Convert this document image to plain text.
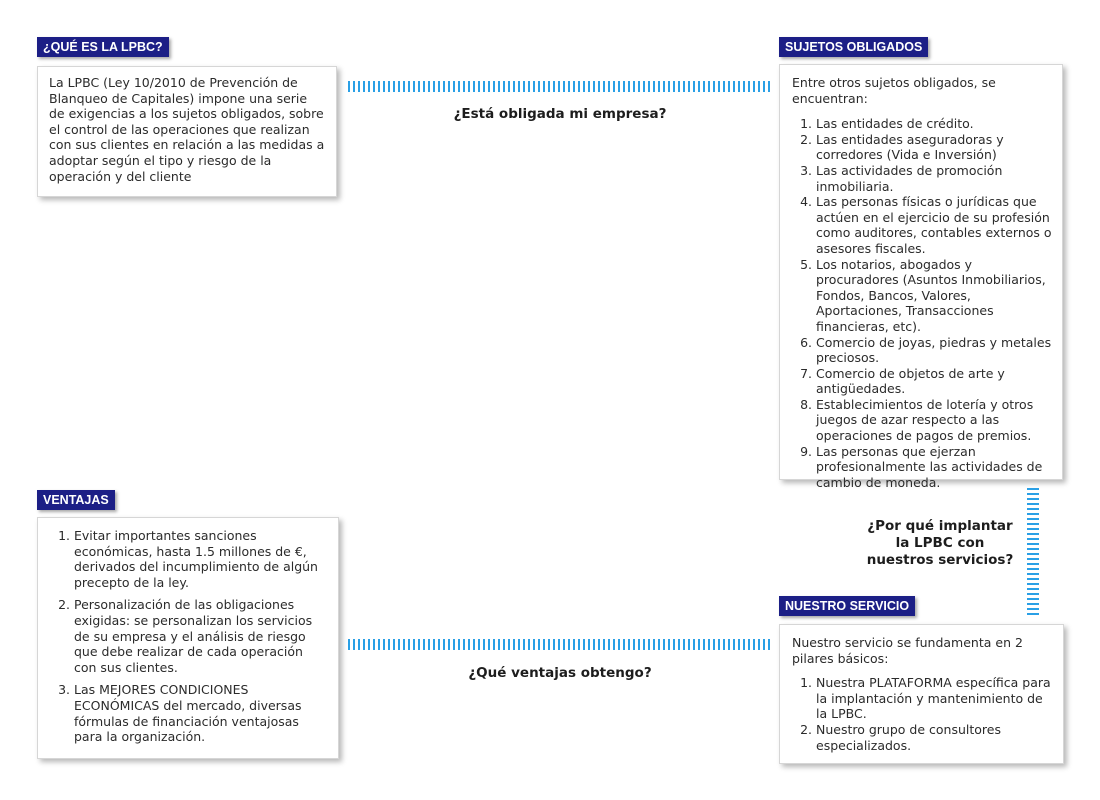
¿QUÉ ES LA LPBC?

La LPBC (Ley 10/2010 de Prevención de Blanqueo de Capitales) impone una serie de exigencias a los sujetos obligados, sobre el control de las operaciones que realizan con sus clientes en relación a las medidas a adoptar según el tipo y riesgo de la operación y del cliente

¿Está obligada mi empresa?
SUJETOS OBLIGADOS

Entre otros sujetos obligados, se encuentran:

1. Las entidades de crédito.
2. Las entidades aseguradoras y corredores (Vida e Inversión)
3. Las actividades de promoción inmobiliaria.
4. Las personas físicas o jurídicas que actúen en el ejercicio de su profesión como auditores, contables externos o asesores fiscales.
5. Los notarios, abogados y procuradores (Asuntos Inmobiliarios, Fondos, Bancos, Valores, Aportaciones, Transacciones financieras, etc).
6. Comercio de joyas, piedras y metales preciosos.
7. Comercio de objetos de arte y antigüedades.
8. Establecimientos de lotería y otros juegos de azar respecto a las operaciones de pagos de premios.
9. Las personas que ejerzan profesionalmente las actividades de cambio de moneda.
¿Por qué implantar la LPBC con nuestros servicios?
VENTAJAS
1. Evitar importantes sanciones económicas, hasta 1.5 millones de €, derivados del incumplimiento de algún precepto de la ley.
2. Personalización de las obligaciones exigidas: se personalizan los servicios de su empresa y el análisis de riesgo que debe realizar de cada operación con sus clientes.
3. Las MEJORES CONDICIONES ECONÓMICAS del mercado, diversas fórmulas de financiación ventajosas para la organización.
¿Qué ventajas obtengo?
NUESTRO SERVICIO

Nuestro servicio se fundamenta en 2 pilares básicos:

1. Nuestra PLATAFORMA específica para la implantación y mantenimiento de la LPBC.
2. Nuestro grupo de consultores especializados.
